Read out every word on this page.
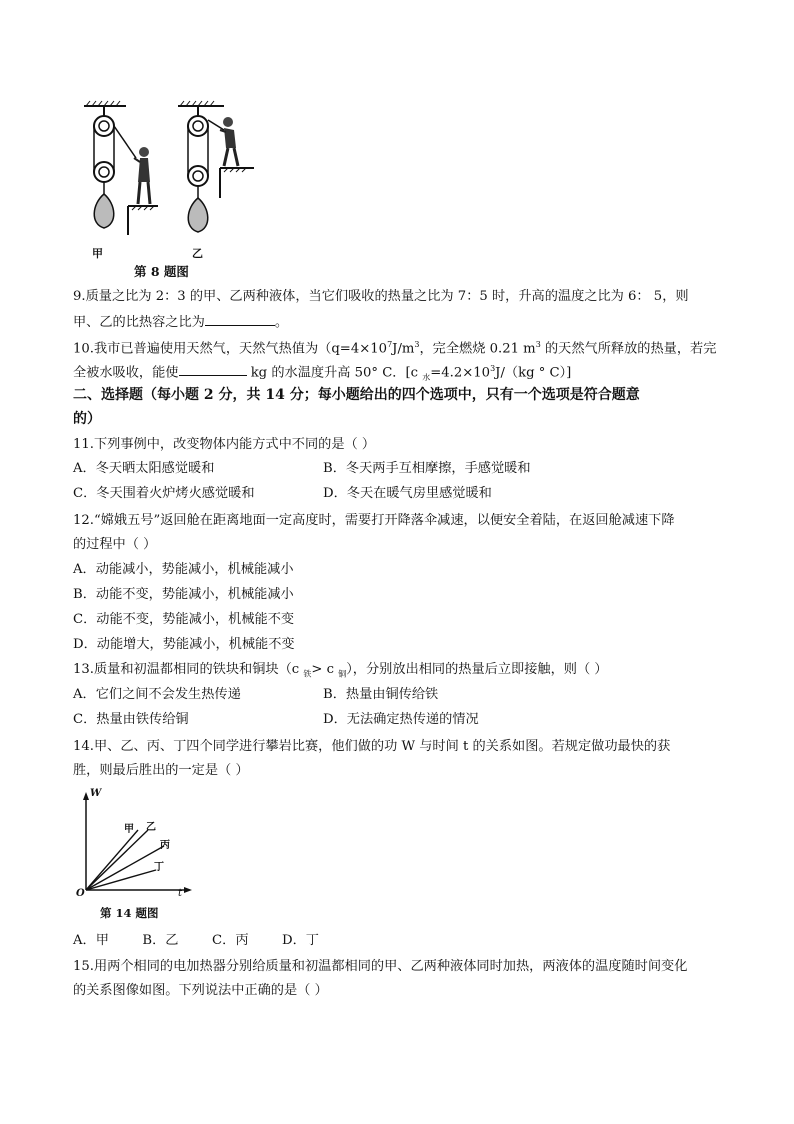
甲	乙
第 8 题图
9.质量之比为 2：3 的甲、乙两种液体，当它们吸收的热量之比为 7：5 时，升高的温度之比为 6： 5，则
甲、乙的比热容之比为	。
10.我市已普遍使用天然气，天然气热值为（$q=4\times 10^7J/m^3$，完全燃烧 0.21 $m^3$ 的天然气所释放的热量，若完
全被水吸收，能使	kg 的水温度升高 50° C．[c $_水=4.2\times 10^3J/(kg$ ° C）]
二、选择题（每小题 2 分，共 14 分；每小题给出的四个选项中，只有一个选项是符合题意
的）
11.下列事例中，改变物体内能方式中不同的是（ ）
A．冬天晒太阳感觉暖和	B．冬天两手互相摩擦，手感觉暖和
C．冬天围着火炉烤火感觉暖和	D．冬天在暖气房里感觉暖和
12.“嫦娥五号”返回舱在距离地面一定高度时，需要打开降落伞减速，以便安全着陆，在返回舱减速下降
的过程中（ ）
A．动能减小，势能减小，机械能减小
B．动能不变，势能减小，机械能减小
C．动能不变，势能减小，机械能不变
D．动能增大，势能减小，机械能不变
13.质量和初温都相同的铁块和铜块（c $_铁$> c $_铜$），分别放出相同的热量后立即接触，则（ ）
A．它们之间不会发生热传递	B．热量由铜传给铁
C．热量由铁传给铜	D．无法确定热传递的情况
14.甲、乙、丙、丁四个同学进行攀岩比赛，他们做的功 W 与时间 t 的关系如图。若规定做功最快的获
胜，则最后胜出的一定是（ ）
W
t
O
甲 乙
丙
丁
第 14 题图
A．甲        B．乙        C．丙        D．丁
15.用两个相同的电加热器分别给质量和初温都相同的甲、乙两种液体同时加热，两液体的温度随时间变化
的关系图像如图。下列说法中正确的是（ ）
